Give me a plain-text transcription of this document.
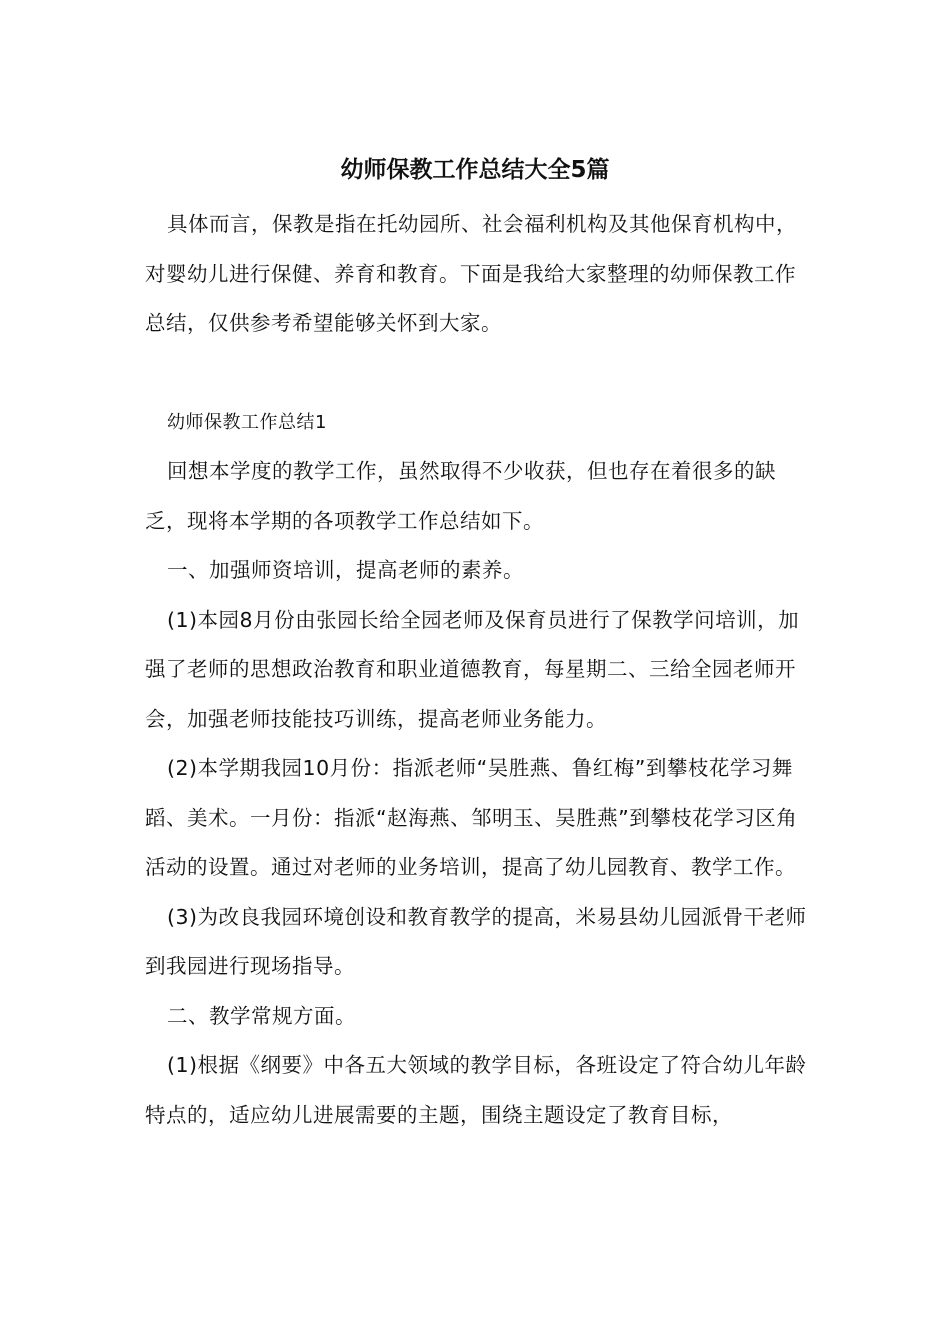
幼师保教工作总结大全5篇

具体而言，保教是指在托幼园所、社会福利机构及其他保育机构中，对婴幼儿进行保健、养育和教育。下面是我给大家整理的幼师保教工作总结，仅供参考希望能够关怀到大家。

幼师保教工作总结1

回想本学度的教学工作，虽然取得不少收获，但也存在着很多的缺乏，现将本学期的各项教学工作总结如下。

一、加强师资培训，提高老师的素养。

(1)本园8月份由张园长给全园老师及保育员进行了保教学问培训，加强了老师的思想政治教育和职业道德教育，每星期二、三给全园老师开会，加强老师技能技巧训练，提高老师业务能力。

(2)本学期我园10月份：指派老师“吴胜燕、鲁红梅”到攀枝花学习舞蹈、美术。一月份：指派“赵海燕、邹明玉、吴胜燕”到攀枝花学习区角活动的设置。通过对老师的业务培训，提高了幼儿园教育、教学工作。

(3)为改良我园环境创设和教育教学的提高，米易县幼儿园派骨干老师到我园进行现场指导。

二、教学常规方面。

(1)根据《纲要》中各五大领域的教学目标，各班设定了符合幼儿年龄特点的，适应幼儿进展需要的主题，围绕主题设定了教育目标，
